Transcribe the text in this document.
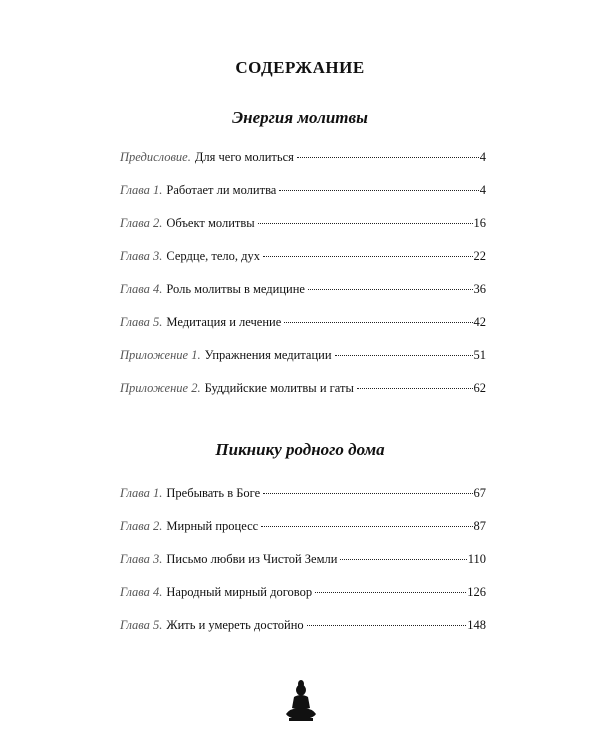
СОДЕРЖАНИЕ
Энергия молитвы
Предисловие. Для чего молиться	4
Глава 1. Работает ли молитва	4
Глава 2. Объект молитвы	16
Глава 3. Сердце, тело, дух	22
Глава 4. Роль молитвы в медицине	36
Глава 5. Медитация и лечение	42
Приложение 1. Упражнения медитации	51
Приложение 2. Буддийские молитвы и гаты	62
Пикнику родного дома
Глава 1. Пребывать в Боге	67
Глава 2. Мирный процесс	87
Глава 3. Письмо любви из Чистой Земли	110
Глава 4. Народный мирный договор	126
Глава 5. Жить и умереть достойно	148
